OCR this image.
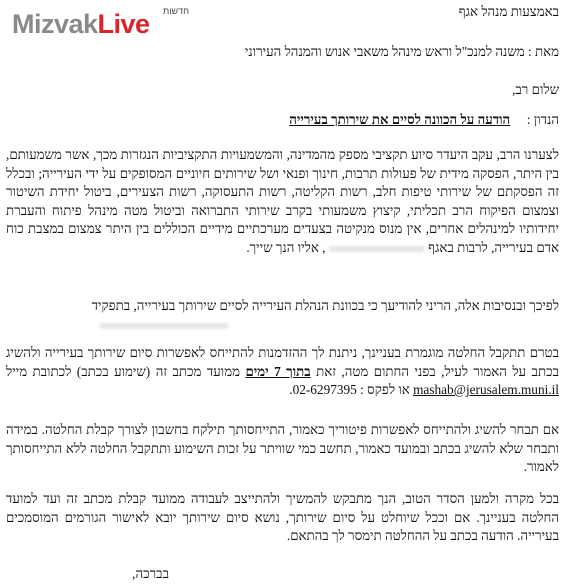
MizvakLive חדשות	באמצעות מנהל אגף
מאת : משנה למנכ"ל וראש מינהל משאבי אנוש והמנהל העירוני
שלום רב,
הנדון :     הודעה על הכוונה לסיים את שירותך בעירייה
לצערנו הרב, עקב היעדר סיוע תקציבי מספק מהמדינה, והמשמעויות התקציביות הנגזרות מכך, אשר משמעותם, בין היתר, הפסקה מידית של פעולות תרבות, חינוך ופנאי ושל שירותים חיוניים המסופקים על ידי העירייה; ובכלל זה הפסקתם של שירותי טיפות חלב, רשות הקליטה, רשות התעסוקה, רשות הצעירים, ביטול יחידת השיטור וצמצום הפיקוח הרב תכליתי, קיצוץ משמעותי בקרב שירותי התברואה וביטול מטה מינהל פיתוח והעברת יחידותיו למינהלים אחרים, אין מנוס מנקיטה בצעדים מערכתיים מידיים הכוללים בין היתר צמצום במצבת כוח אדם בעירייה, לרבות באגף  , אליו הנך שייך.
לפיכך ובנסיבות אלה, הריני להודיעך כי בכוונת הנהלת העירייה לסיים שירותך בעירייה, בתפקיד

בטרם תתקבל החלטה מוגמרת בעניינך, ניתנת לך ההזדמנות להתייחס לאפשרות סיום שירותך בעירייה ולהשיג בכתב על האמור לעיל, בפני החתום מטה, זאת בתוך 7 ימים ממועד מכתב זה (שימוע בכתב) לכתובת מייל mashab@jerusalem.muni.il או לפקס : 02-6297395.
אם תבחר להשיג ולהתייחס לאפשרות פיטוריך כאמור, התייחסותך תילקח בחשבון לצורך קבלת החלטה. במידה ותבחר שלא להשיג בכתב ובמועד כאמור, תחשב כמי שוויתר על זכות השימוע ותתקבל החלטה ללא התייחסותך לאמור.
בכל מקרה ולמען הסדר הטוב, הנך מתבקש להמשיך ולהתייצב לעבודה ממועד קבלת מכתב זה ועד למועד החלטה בעניינך. אם וככל שיוחלט על סיום שירותך, נושא סיום שירותך יובא לאישור הגורמים המוסמכים בעירייה. הודעה בכתב על ההחלטה תימסר לך בהתאם.
בברכה,
